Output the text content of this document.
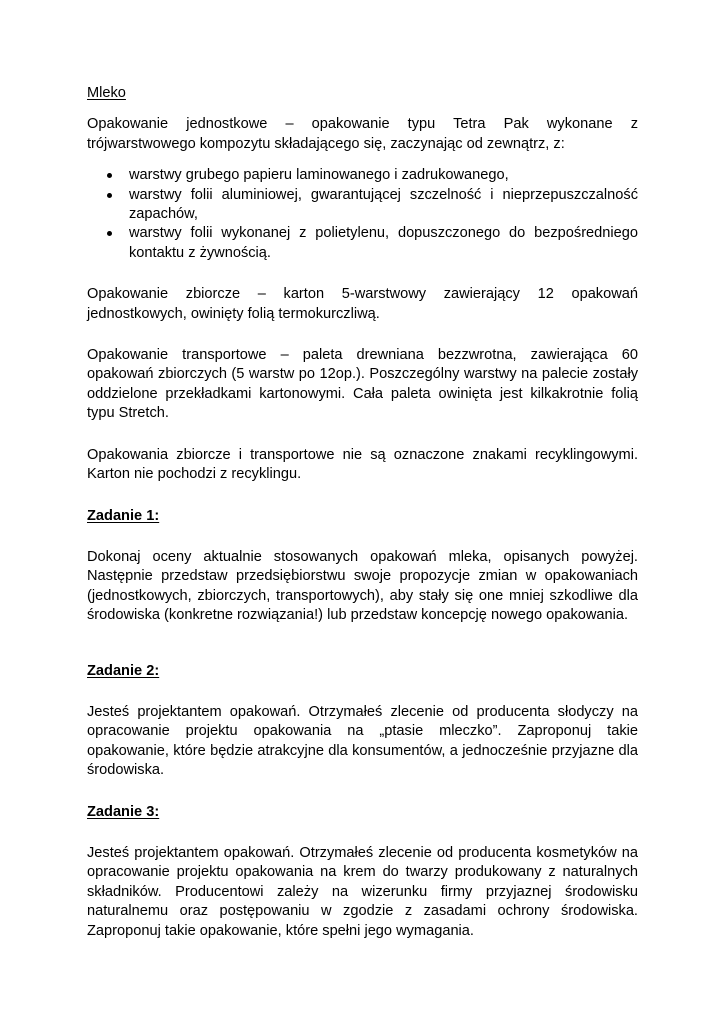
Mleko

Opakowanie jednostkowe – opakowanie typu Tetra Pak wykonane z

trójwarstwowego kompozytu składającego się, zaczynając od zewnątrz, z:

warstwy grubego papieru laminowanego i zadrukowanego,
warstwy folii aluminiowej, gwarantującej szczelność i nieprzepuszczalność zapachów,
warstwy folii wykonanej z polietylenu, dopuszczonego do bezpośredniego kontaktu z żywnością.

Opakowanie zbiorcze – karton 5-warstwowy zawierający 12 opakowań jednostkowych, owinięty folią termokurczliwą.

Opakowanie transportowe – paleta drewniana bezzwrotna, zawierająca 60 opakowań zbiorczych (5 warstw po 12op.). Poszczególny warstwy na palecie zostały oddzielone przekładkami kartonowymi. Cała paleta owinięta jest kilkakrotnie folią typu Stretch.

Opakowania zbiorcze i transportowe nie są oznaczone znakami recyklingowymi. Karton nie pochodzi z recyklingu.

Zadanie 1:

Dokonaj oceny aktualnie stosowanych opakowań mleka, opisanych powyżej. Następnie przedstaw przedsiębiorstwu swoje propozycje zmian w opakowaniach (jednostkowych, zbiorczych, transportowych), aby stały się one mniej szkodliwe dla środowiska (konkretne rozwiązania!) lub przedstaw koncepcję nowego opakowania.

Zadanie 2:

Jesteś projektantem opakowań. Otrzymałeś zlecenie od producenta słodyczy na opracowanie projektu opakowania na „ptasie mleczko”. Zaproponuj takie opakowanie, które będzie atrakcyjne dla konsumentów, a jednocześnie przyjazne dla środowiska.

Zadanie 3:

Jesteś projektantem opakowań. Otrzymałeś zlecenie od producenta kosmetyków na opracowanie projektu opakowania na krem do twarzy produkowany z naturalnych składników. Producentowi zależy na wizerunku firmy przyjaznej środowisku naturalnemu oraz postępowaniu w zgodzie z zasadami ochrony środowiska. Zaproponuj takie opakowanie, które spełni jego wymagania.
